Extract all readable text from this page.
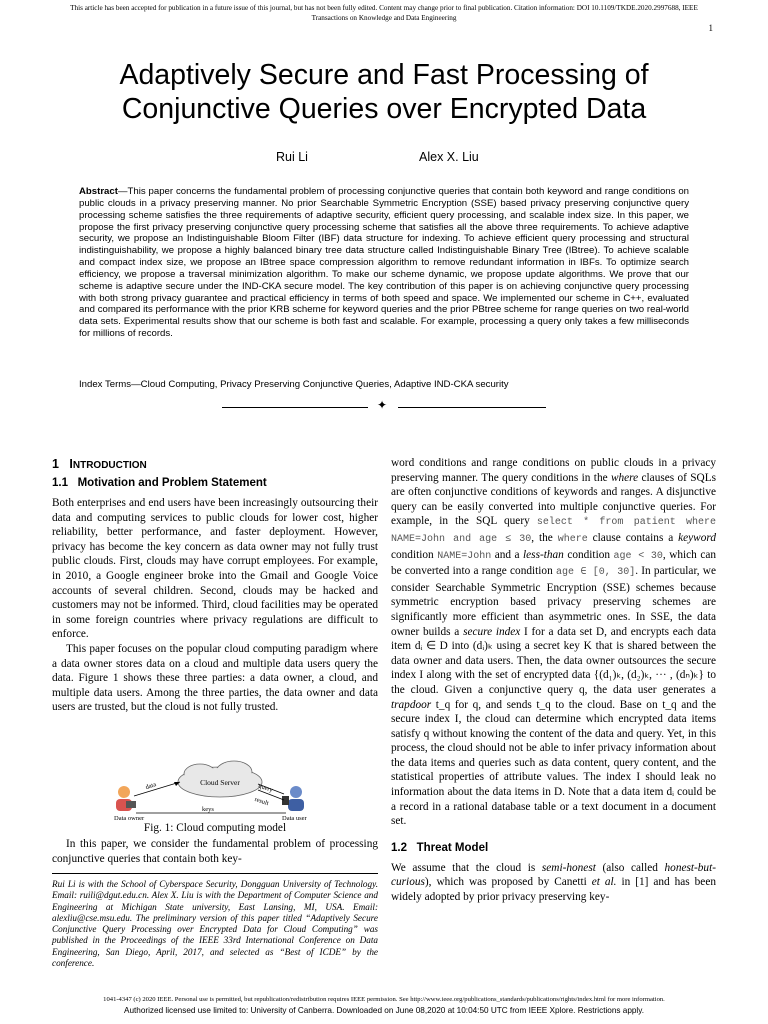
This article has been accepted for publication in a future issue of this journal, but has not been fully edited. Content may change prior to final publication. Citation information: DOI 10.1109/TKDE.2020.2997688, IEEE
Transactions on Knowledge and Data Engineering
1
Adaptively Secure and Fast Processing of
Conjunctive Queries over Encrypted Data
Rui Li	Alex X. Liu
Abstract—This paper concerns the fundamental problem of processing conjunctive queries that contain both keyword and range conditions on public clouds in a privacy preserving manner. No prior Searchable Symmetric Encryption (SSE) based privacy preserving conjunctive query processing scheme satisfies the three requirements of adaptive security, efficient query processing, and scalable index size. In this paper, we propose the first privacy preserving conjunctive query processing scheme that satisfies all the above three requirements. To achieve adaptive security, we propose an Indistinguishable Bloom Filter (IBF) data structure for indexing. To achieve efficient query processing and structural indistinguishability, we propose a highly balanced binary tree data structure called Indistinguishable Binary Tree (IBtree). To achieve scalable and compact index size, we propose an IBtree space compression algorithm to remove redundant information in IBFs. To optimize search efficiency, we propose a traversal minimization algorithm. To make our scheme dynamic, we propose update algorithms. We prove that our scheme is adaptive secure under the IND-CKA secure model. The key contribution of this paper is on achieving conjunctive query processing with both strong privacy guarantee and practical efficiency in terms of both speed and space. We implemented our scheme in C++, evaluated and compared its performance with the prior KRB scheme for keyword queries and the prior PBtree scheme for range queries on two real-world data sets. Experimental results show that our scheme is both fast and scalable. For example, processing a query only takes a few milliseconds for millions of records.
Index Terms—Cloud Computing, Privacy Preserving Conjunctive Queries, Adaptive IND-CKA security
✦
1 INTRODUCTION
1.1 Motivation and Problem Statement

Both enterprises and end users have been increasingly outsourcing their data and computing services to public clouds for lower cost, higher reliability, better performance, and faster deployment. However, privacy has become the key concern as data owner may not fully trust public clouds. First, clouds may have corrupt employees. For example, in 2010, a Google engineer broke into the Gmail and Google Voice accounts of several children. Second, clouds may be hacked and customers may not be informed. Third, cloud facilities may be operated in some foreign countries where privacy regulations are difficult to enforce.

This paper focuses on the popular cloud computing paradigm where a data owner stores data on a cloud and multiple data users query the data. Figure 1 shows these three parties: a data owner, a cloud, and multiple data users. Among the three parties, the data owner and data users are trusted, but the cloud is not fully trusted.

Cloud Server
Data owner	Data user
data	query
result
keys
Fig. 1: Cloud computing model

In this paper, we consider the fundamental problem of processing conjunctive queries that contain both key-

Rui Li is with the School of Cyberspace Security, Dongguan University of Technology. Email: ruili@dgut.edu.cn. Alex X. Liu is with the Department of Computer Science and Engineering at Michigan State university, East Lansing, MI, USA. Email: alexliu@cse.msu.edu. The preliminary version of this paper titled “Adaptively Secure Conjunctive Query Processing over Encrypted Data for Cloud Computing” was published in the Proceedings of the IEEE 33rd International Conference on Data Engineering, San Diego, April, 2017, and selected as “Best of ICDE” by the conference.

word conditions and range conditions on public clouds in a privacy preserving manner. The query conditions in the where clauses of SQLs are often conjunctive conditions of keywords and ranges. A disjunctive query can be easily converted into multiple conjunctive queries. For example, in the SQL query select * from patient where NAME=John and age ≤ 30, the where clause contains a keyword condition NAME=John and a less-than condition age < 30, which can be converted into a range condition age ∈ [0, 30]. In particular, we consider Searchable Symmetric Encryption (SSE) schemes because symmetric encryption based privacy preserving schemes are significantly more efficient than asymmetric ones. In SSE, the data owner builds a secure index I for a data set D, and encrypts each data item dᵢ ∈ D into (dᵢ)ₖ using a secret key K that is shared between the data owner and data users. Then, the data owner outsources the secure index I along with the set of encrypted data {(d₁)ₖ, (d₂)ₖ, ··· , (dₙ)ₖ} to the cloud. Given a conjunctive query q, the data user generates a trapdoor t_q for q, and sends t_q to the cloud. Base on t_q and the secure index I, the cloud can determine which encrypted data items satisfy q without knowing the content of the data and query. Yet, in this process, the cloud should not be able to infer privacy information about the data items and queries such as data content, query content, and the statistical properties of attribute values. The index I should leak no information about the data items in D. Note that a data item dᵢ could be a record in a rational database table or a text document in a document set.

1.2 Threat Model

We assume that the cloud is semi-honest (also called honest-but-curious), which was proposed by Canetti et al. in [1] and has been widely adopted by prior privacy preserving key-

1041-4347 (c) 2020 IEEE. Personal use is permitted, but republication/redistribution requires IEEE permission. See http://www.ieee.org/publications_standards/publications/rights/index.html for more information.
Authorized licensed use limited to: University of Canberra. Downloaded on June 08,2020 at 10:04:50 UTC from IEEE Xplore. Restrictions apply.
